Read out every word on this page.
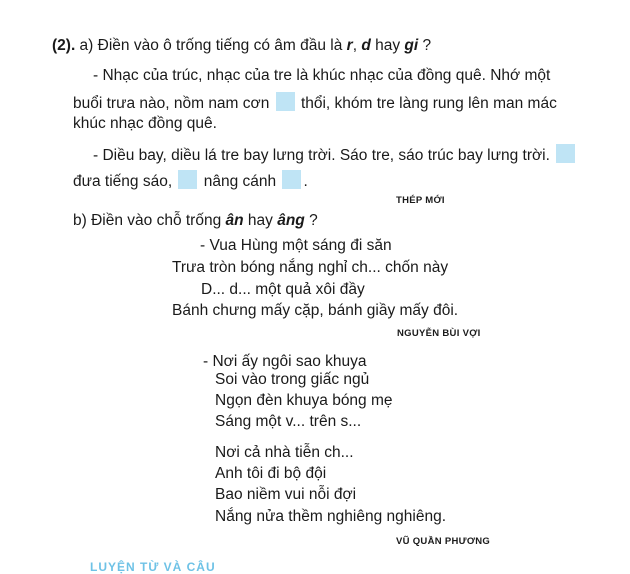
(2). a) Điền vào ô trống tiếng có âm đầu là r, d hay gi ?
- Nhạc của trúc, nhạc của tre là khúc nhạc của đồng quê. Nhớ một
buổi trưa nào, nồm nam cơn thổi, khóm tre làng rung lên man mác
khúc nhạc đồng quê.
- Diều bay, diều lá tre bay lưng trời. Sáo tre, sáo trúc bay lưng trời.
đưa tiếng sáo, nâng cánh .
THÉP MỚI
b) Điền vào chỗ trống ân hay âng ?
- Vua Hùng một sáng đi săn
Trưa tròn bóng nắng nghỉ ch... chốn này
D... d... một quả xôi đầy
Bánh chưng mấy cặp, bánh giầy mấy đôi.
NGUYỄN BÙI VỢI
- Nơi ấy ngôi sao khuya
Soi vào trong giấc ngủ
Ngọn đèn khuya bóng mẹ
Sáng một v... trên s...
Nơi cả nhà tiễn ch...
Anh tôi đi bộ đội
Bao niềm vui nỗi đợi
Nắng nửa thềm nghiêng nghiêng.
VŨ QUẦN PHƯƠNG
LUYỆN TỪ VÀ CÂU
